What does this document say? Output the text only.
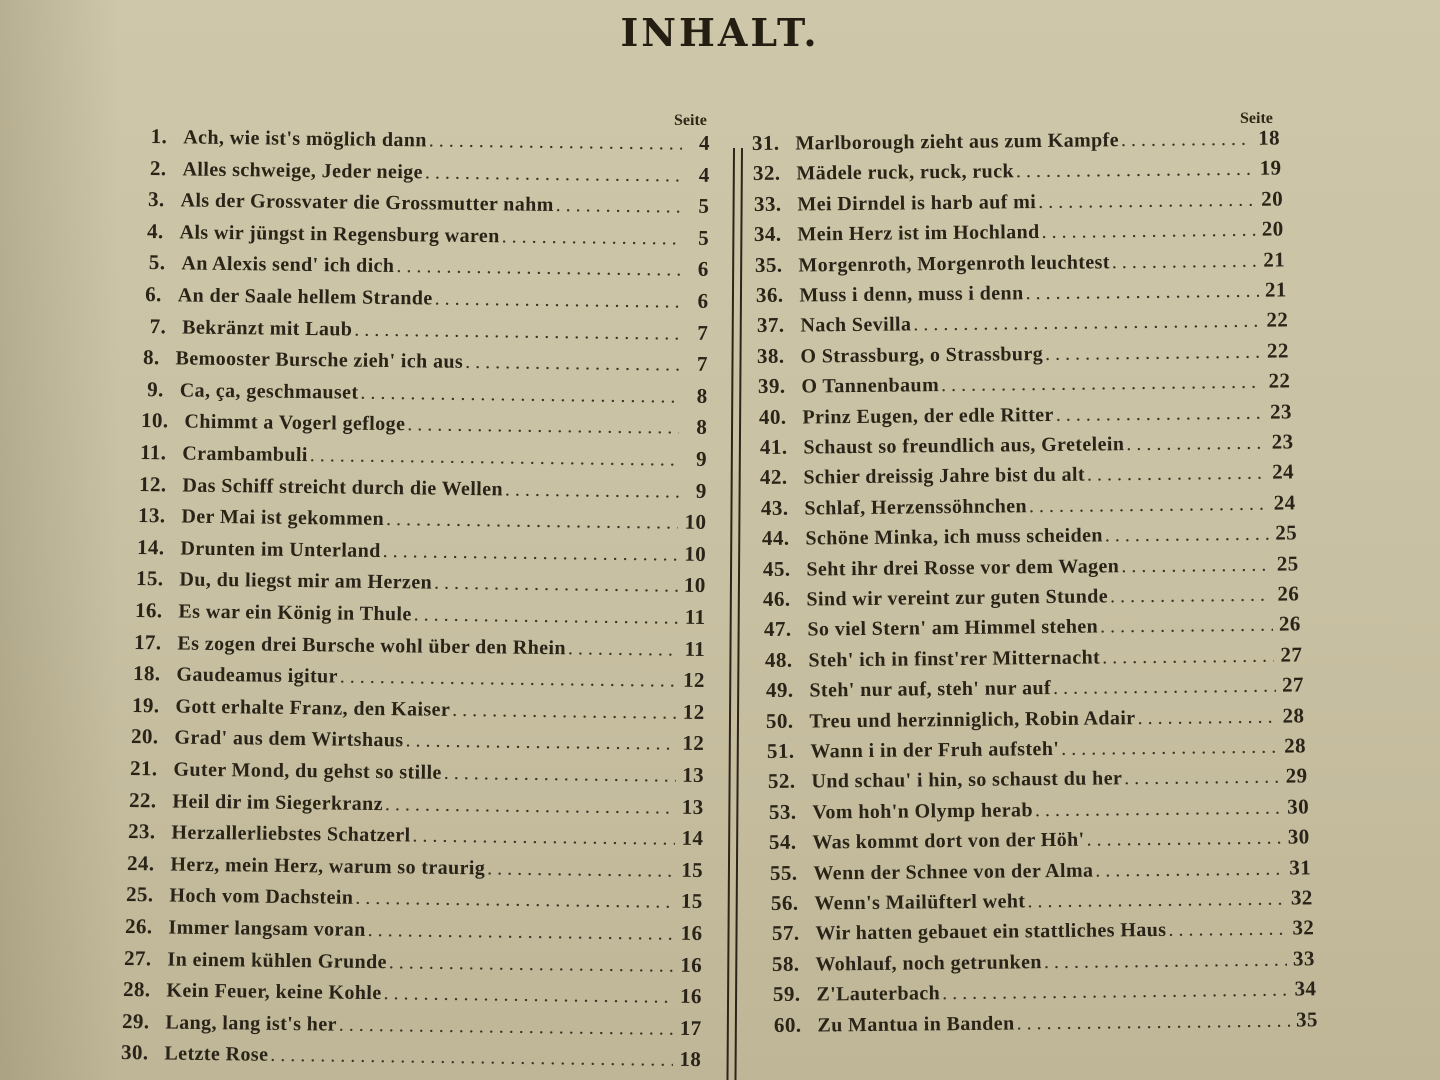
INHALT.
Seite	Seite
1. Ach, wie ist's möglich dann . . .	4
2. Alles schweige, Jeder neige . . .	4
3. Als der Grossvater die Grossmutter nahm . . .	5
4. Als wir jüngst in Regensburg waren . . .	5
5. An Alexis send' ich dich . . .	6
6. An der Saale hellem Strande . . .	6
7. Bekränzt mit Laub . . .	7
8. Bemooster Bursche zieh' ich aus . . .	7
9. Ca, ça, geschmauset . . .	8
10. Chimmt a Vogerl gefloge . . .	8
11. Crambambuli . . .	9
12. Das Schiff streicht durch die Wellen . . .	9
13. Der Mai ist gekommen . . .	10
14. Drunten im Unterland . . .	10
15. Du, du liegst mir am Herzen . . .	10
16. Es war ein König in Thule . . .	11
17. Es zogen drei Bursche wohl über den Rhein . . .	11
18. Gaudeamus igitur . . .	12
19. Gott erhalte Franz, den Kaiser . . .	12
20. Grad' aus dem Wirtshaus . . .	12
21. Guter Mond, du gehst so stille . . .	13
22. Heil dir im Siegerkranz . . .	13
23. Herzallerliebstes Schatzerl . . .	14
24. Herz, mein Herz, warum so traurig . . .	15
25. Hoch vom Dachstein . . .	15
26. Immer langsam voran . . .	16
27. In einem kühlen Grunde . . .	16
28. Kein Feuer, keine Kohle . . .	16
29. Lang, lang ist's her . . .	17
30. Letzte Rose . . .	18
31. Marlborough zieht aus zum Kampfe . . .	18
32. Mädele ruck, ruck, ruck . . .	19
33. Mei Dirndel is harb auf mi . . .	20
34. Mein Herz ist im Hochland . . .	20
35. Morgenroth, Morgenroth leuchtest . . .	21
36. Muss i denn, muss i denn . . .	21
37. Nach Sevilla . . .	22
38. O Strassburg, o Strassburg . . .	22
39. O Tannenbaum . . .	22
40. Prinz Eugen, der edle Ritter . . .	23
41. Schaust so freundlich aus, Gretelein . . .	23
42. Schier dreissig Jahre bist du alt . . .	24
43. Schlaf, Herzenssöhnchen . . .	24
44. Schöne Minka, ich muss scheiden . . .	25
45. Seht ihr drei Rosse vor dem Wagen . . .	25
46. Sind wir vereint zur guten Stunde . . .	26
47. So viel Stern' am Himmel stehen . . .	26
48. Steh' ich in finst'rer Mitternacht . . .	27
49. Steh' nur auf, steh' nur auf . . .	27
50. Treu und herzinniglich, Robin Adair . . .	28
51. Wann i in der Fruh aufsteh' . . .	28
52. Und schau' i hin, so schaust du her . . .	29
53. Vom hoh'n Olymp herab . . .	30
54. Was kommt dort von der Höh' . . .	30
55. Wenn der Schnee von der Alma . . .	31
56. Wenn's Mailüfterl weht . . .	32
57. Wir hatten gebauet ein stattliches Haus . . .	32
58. Wohlauf, noch getrunken . . .	33
59. Z'Lauterbach . . .	34
60. Zu Mantua in Banden . . .	35
